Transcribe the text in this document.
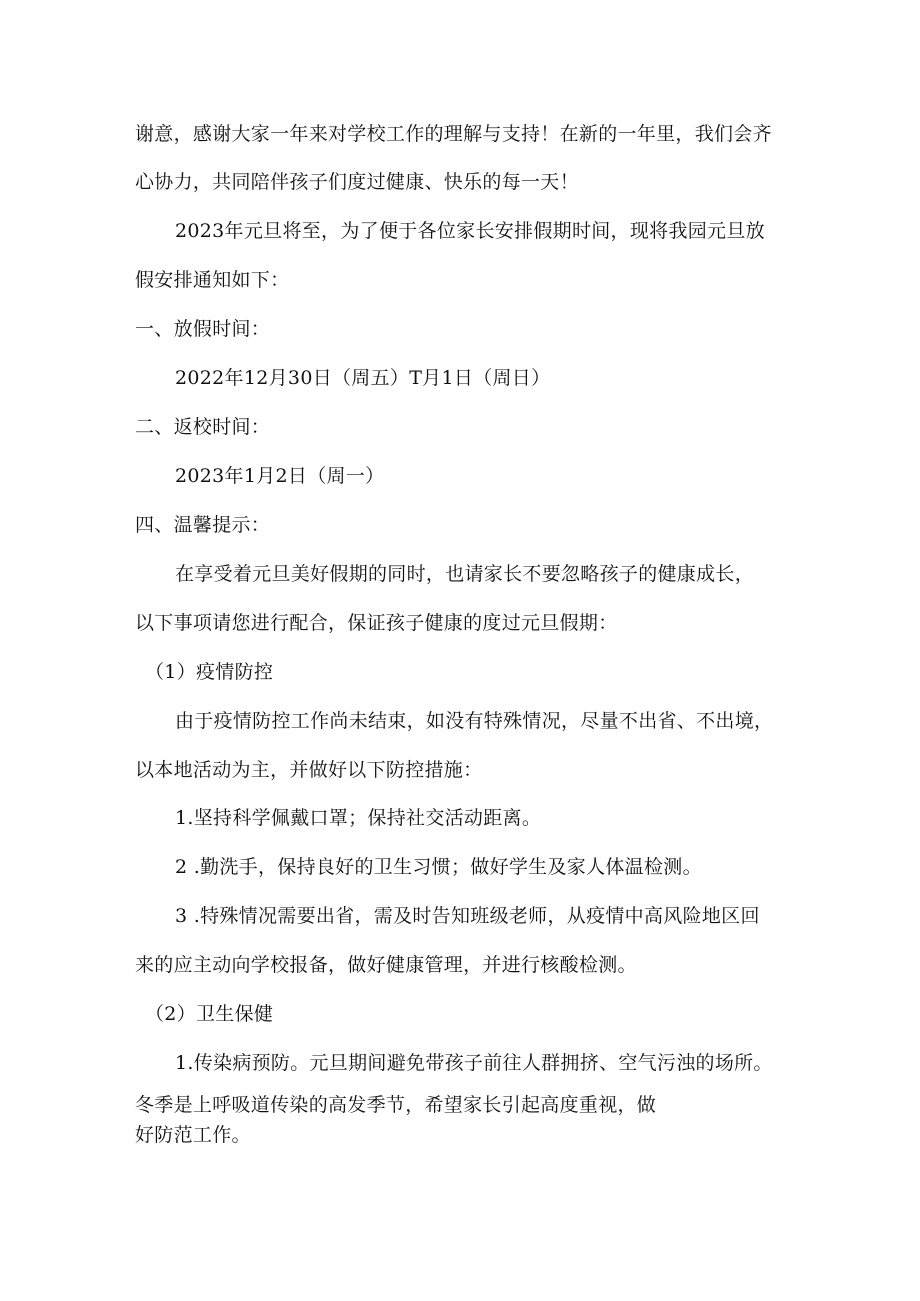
谢意，感谢大家一年来对学校工作的理解与支持！在新的一年里，我们会齐
心协力，共同陪伴孩子们度过健康、快乐的每一天！
2023年元旦将至，为了便于各位家长安排假期时间，现将我园元旦放
假安排通知如下：
一、放假时间：
2022年12月30日（周五）T月1日（周日）
二、返校时间：
2023年1月2日（周一）
四、温馨提示：
在享受着元旦美好假期的同时，也请家长不要忽略孩子的健康成长，
以下事项请您进行配合，保证孩子健康的度过元旦假期：
（1）疫情防控
由于疫情防控工作尚未结束，如没有特殊情况，尽量不出省、不出境，
以本地活动为主，并做好以下防控措施：
1.坚持科学佩戴口罩；保持社交活动距离。
2 .勤洗手，保持良好的卫生习惯；做好学生及家人体温检测。
3 .特殊情况需要出省，需及时告知班级老师，从疫情中高风险地区回
来的应主动向学校报备，做好健康管理，并进行核酸检测。
（2）卫生保健
1.传染病预防。元旦期间避免带孩子前往人群拥挤、空气污浊的场所。
冬季是上呼吸道传染的高发季节，希望家长引起高度重视，做
好防范工作。
